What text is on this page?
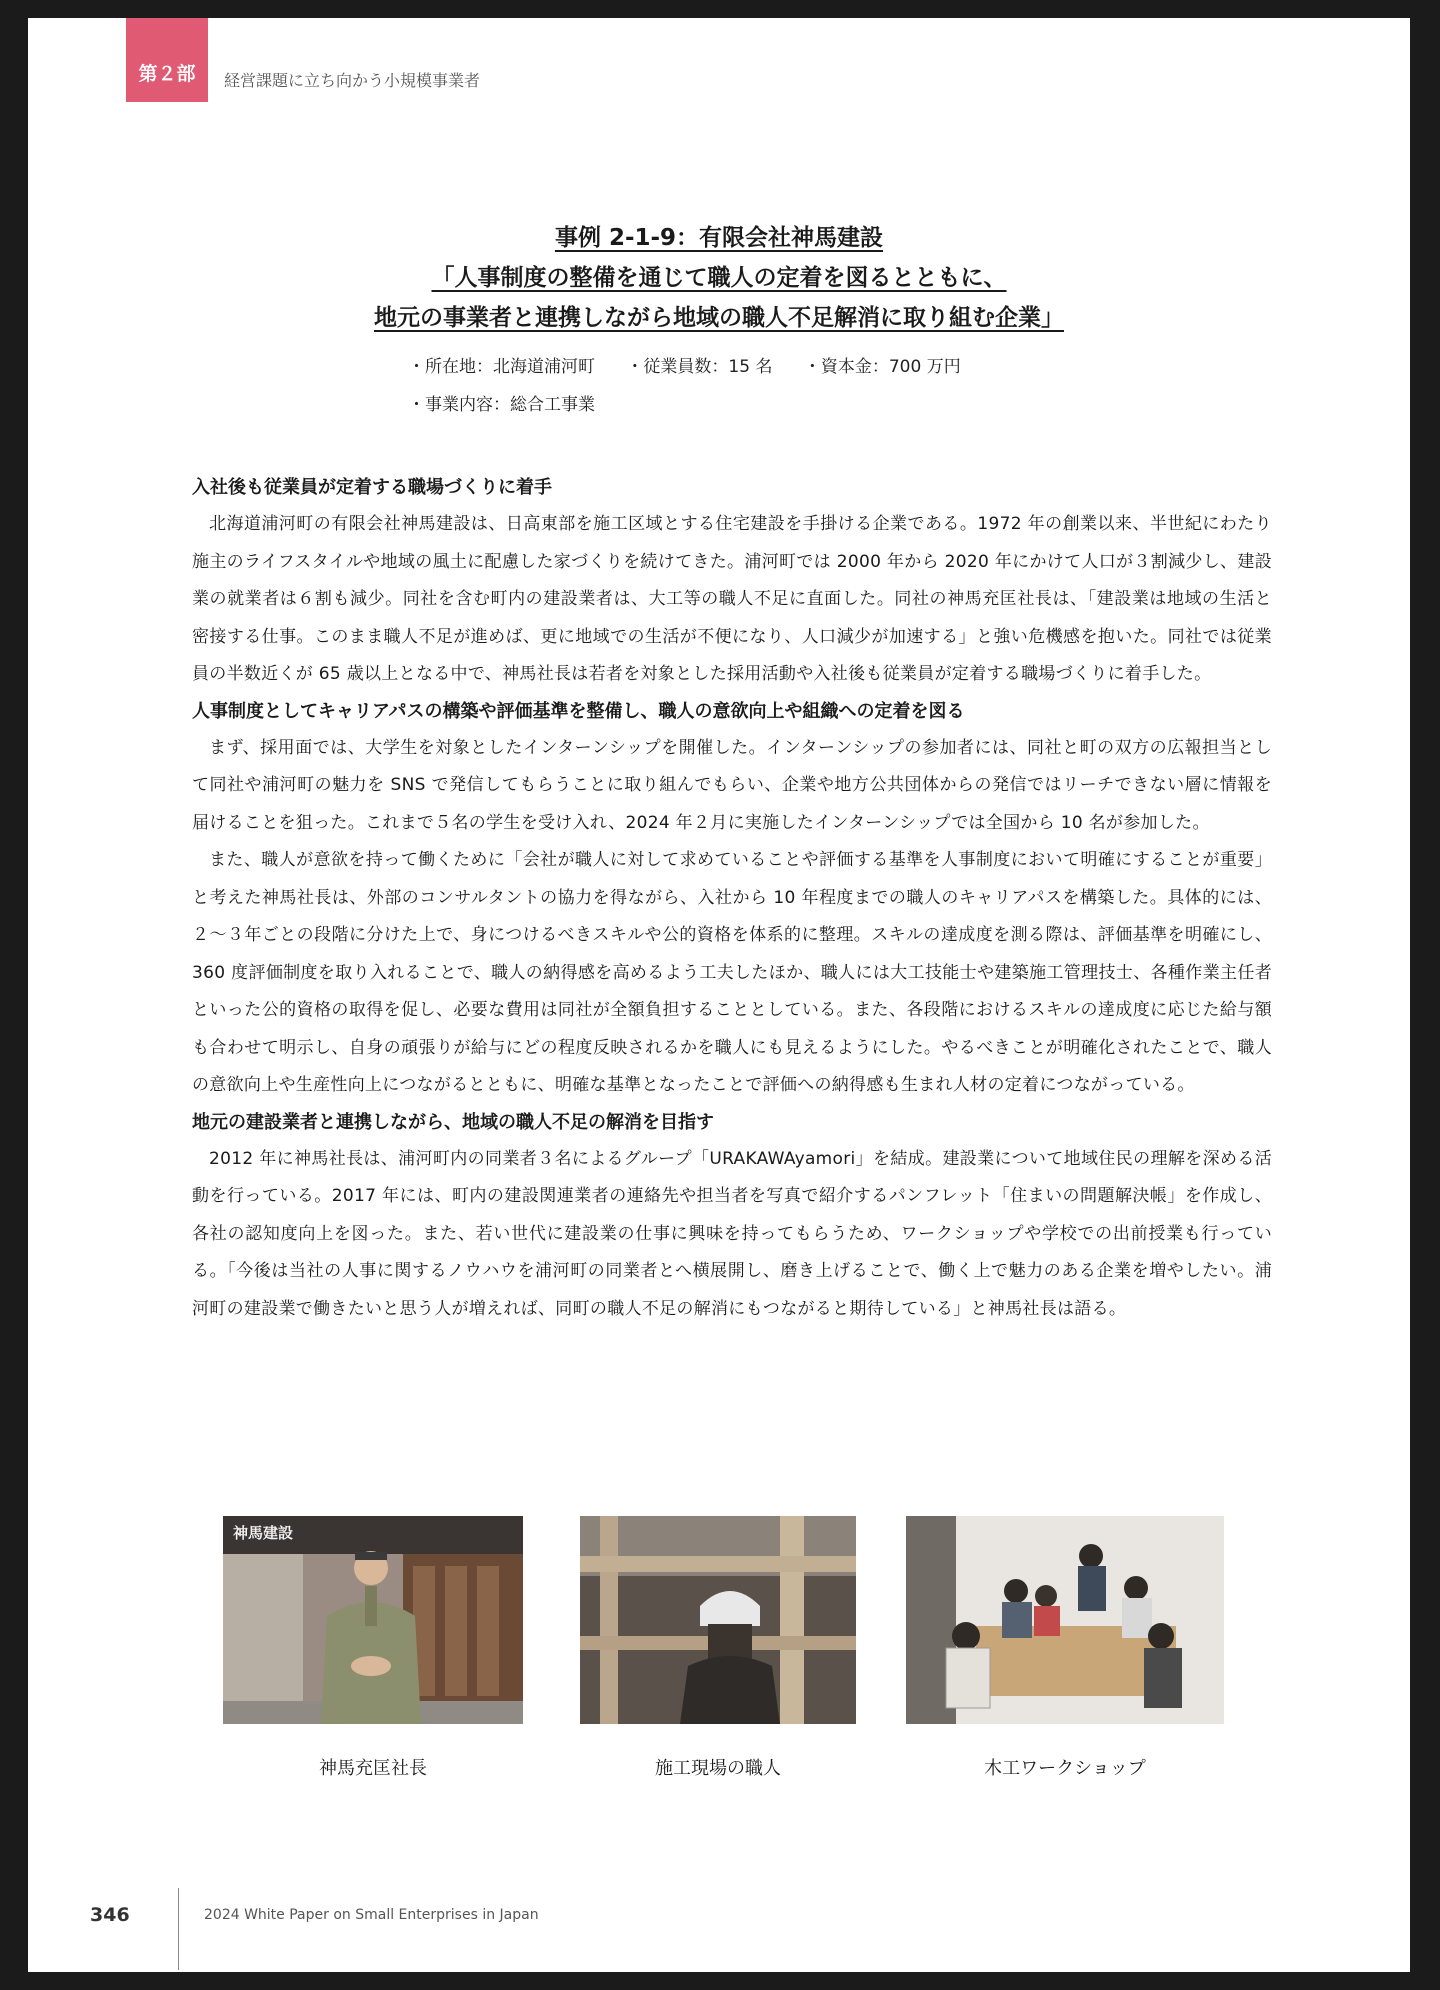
第２部	経営課題に立ち向かう小規模事業者
事例 2-1-9：有限会社神馬建設
「人事制度の整備を通じて職人の定着を図るとともに、
地元の事業者と連携しながら地域の職人不足解消に取り組む企業」
・所在地：北海道浦河町 ・従業員数：15 名 ・資本金：700 万円
・事業内容：総合工事業
入社後も従業員が定着する職場づくりに着手

北海道浦河町の有限会社神馬建設は、日高東部を施工区域とする住宅建設を手掛ける企業である。1972 年の創業以来、半世紀にわたり施主のライフスタイルや地域の風土に配慮した家づくりを続けてきた。浦河町では 2000 年から 2020 年にかけて人口が３割減少し、建設業の就業者は６割も減少。同社を含む町内の建設業者は、大工等の職人不足に直面した。同社の神馬充匡社長は、「建設業は地域の生活と密接する仕事。このまま職人不足が進めば、更に地域での生活が不便になり、人口減少が加速する」と強い危機感を抱いた。同社では従業員の半数近くが 65 歳以上となる中で、神馬社長は若者を対象とした採用活動や入社後も従業員が定着する職場づくりに着手した。

人事制度としてキャリアパスの構築や評価基準を整備し、職人の意欲向上や組織への定着を図る

まず、採用面では、大学生を対象としたインターンシップを開催した。インターンシップの参加者には、同社と町の双方の広報担当として同社や浦河町の魅力を SNS で発信してもらうことに取り組んでもらい、企業や地方公共団体からの発信ではリーチできない層に情報を届けることを狙った。これまで５名の学生を受け入れ、2024 年２月に実施したインターンシップでは全国から 10 名が参加した。

また、職人が意欲を持って働くために「会社が職人に対して求めていることや評価する基準を人事制度において明確にすることが重要」と考えた神馬社長は、外部のコンサルタントの協力を得ながら、入社から 10 年程度までの職人のキャリアパスを構築した。具体的には、２～３年ごとの段階に分けた上で、身につけるべきスキルや公的資格を体系的に整理。スキルの達成度を測る際は、評価基準を明確にし、360 度評価制度を取り入れることで、職人の納得感を高めるよう工夫したほか、職人には大工技能士や建築施工管理技士、各種作業主任者といった公的資格の取得を促し、必要な費用は同社が全額負担することとしている。また、各段階におけるスキルの達成度に応じた給与額も合わせて明示し、自身の頑張りが給与にどの程度反映されるかを職人にも見えるようにした。やるべきことが明確化されたことで、職人の意欲向上や生産性向上につながるとともに、明確な基準となったことで評価への納得感も生まれ人材の定着につながっている。

地元の建設業者と連携しながら、地域の職人不足の解消を目指す

2012 年に神馬社長は、浦河町内の同業者３名によるグループ「URAKAWAyamori」を結成。建設業について地域住民の理解を深める活動を行っている。2017 年には、町内の建設関連業者の連絡先や担当者を写真で紹介するパンフレット「住まいの問題解決帳」を作成し、各社の認知度向上を図った。また、若い世代に建設業の仕事に興味を持ってもらうため、ワークショップや学校での出前授業も行っている。「今後は当社の人事に関するノウハウを浦河町の同業者とへ横展開し、磨き上げることで、働く上で魅力のある企業を増やしたい。浦河町の建設業で働きたいと思う人が増えれば、同町の職人不足の解消にもつながると期待している」と神馬社長は語る。

神馬建設
神馬充匡社長	施工現場の職人	木工ワークショップ
346	2024 White Paper on Small Enterprises in Japan
